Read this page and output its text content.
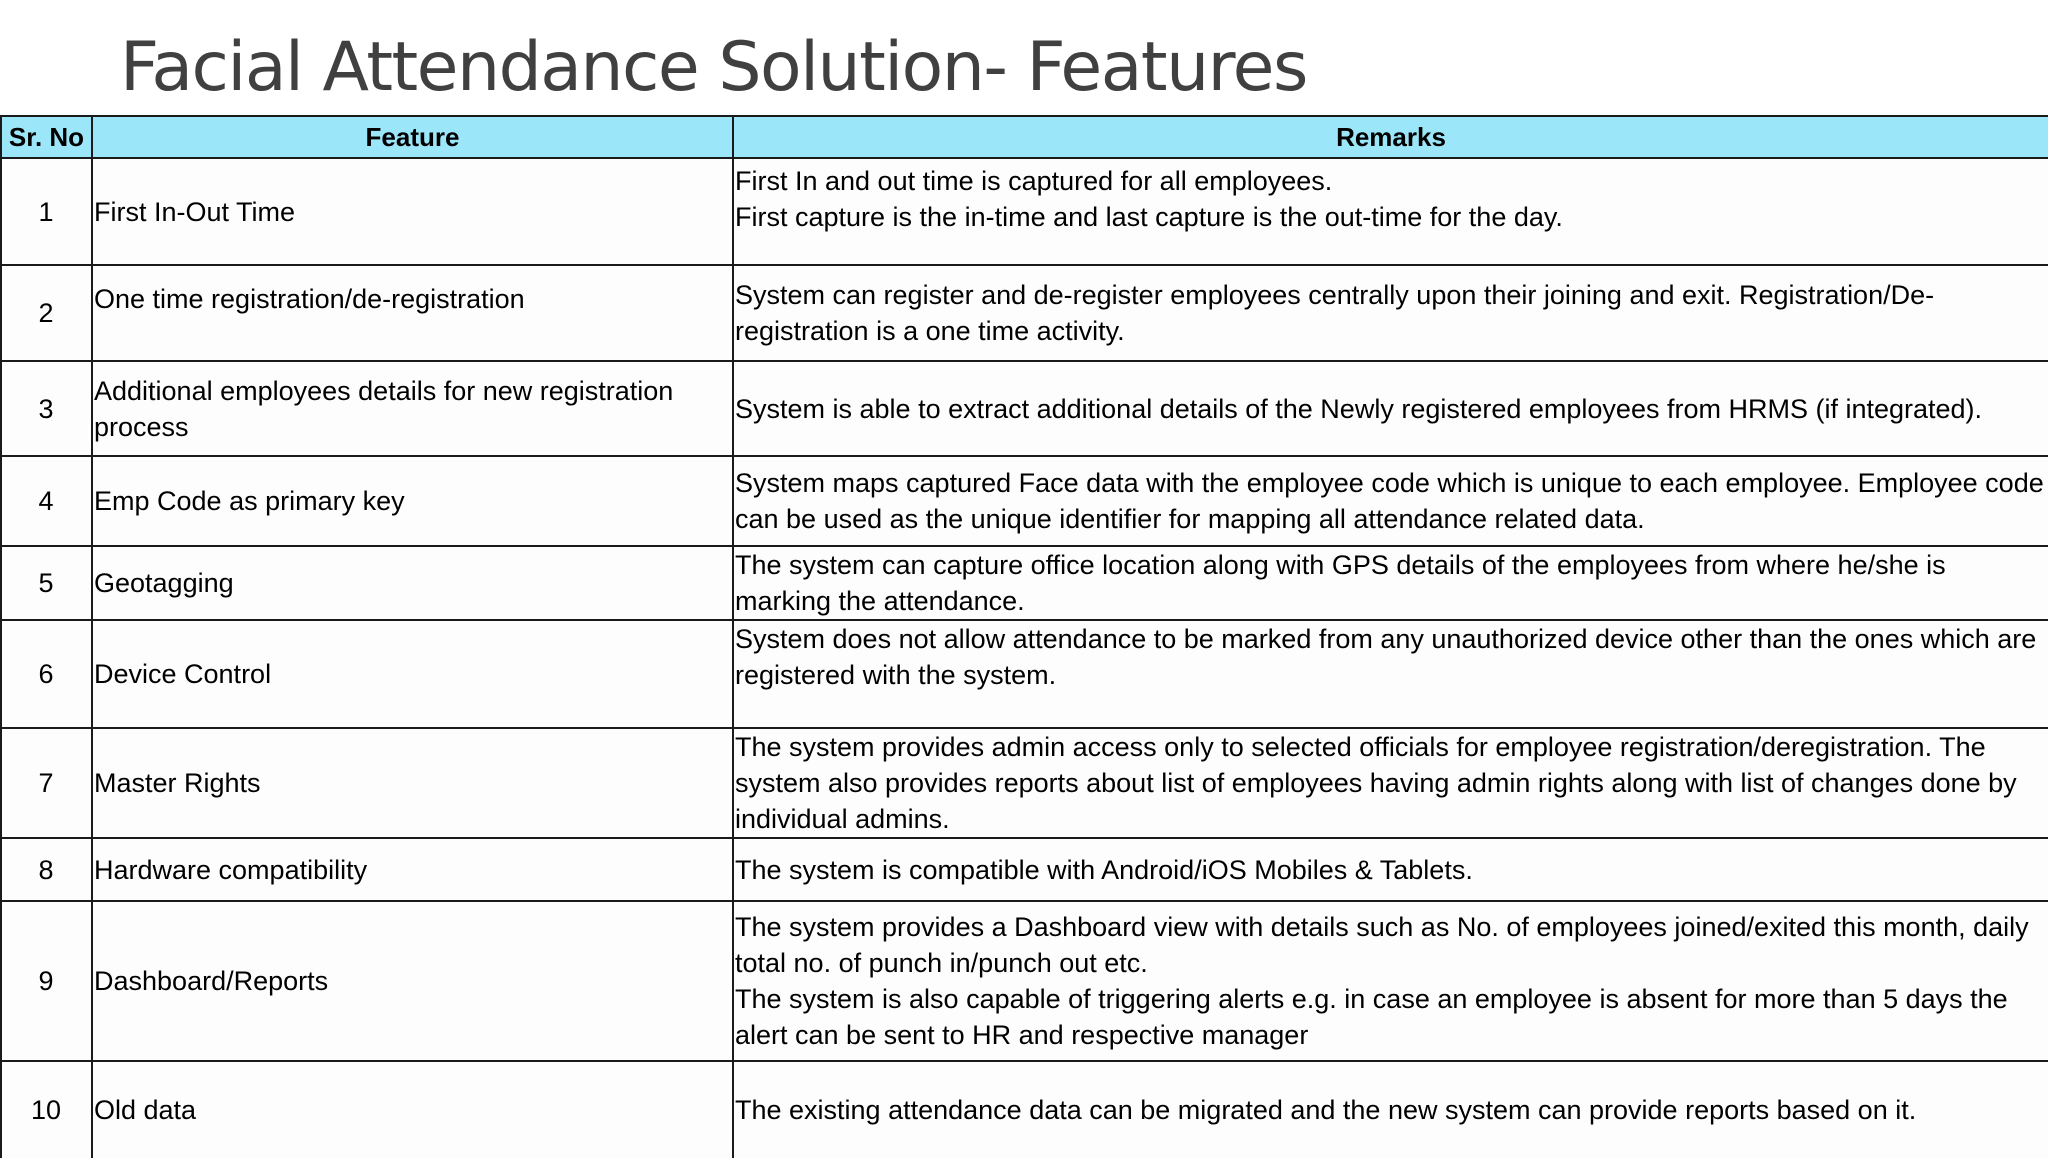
Facial Attendance Solution- Features
Sr. No	Feature	Remarks
1	First In-Out Time	First In and out time is captured for all employees.
First capture is the in-time and last capture is the out-time for the day.
2	One time registration/de-registration	System can register and de-register employees centrally upon their joining and exit. Registration/De-registration is a one time activity.
3	Additional employees details for new registration process	System is able to extract additional details of the Newly registered employees from HRMS (if integrated).
4	Emp Code as primary key	System maps captured Face data with the employee code which is unique to each employee. Employee code can be used as the unique identifier for mapping all attendance related data.
5	Geotagging	The system can capture office location along with GPS details of the employees from where he/she is marking the attendance.
6	Device Control	System does not allow attendance to be marked from any unauthorized device other than the ones which are registered with the system.
7	Master Rights	The system provides admin access only to selected officials for employee registration/deregistration. The system also provides reports about list of employees having admin rights along with list of changes done by individual admins.
8	Hardware compatibility	The system is compatible with Android/iOS Mobiles & Tablets.
9	Dashboard/Reports	The system provides a Dashboard view with details such as No. of employees joined/exited this month, daily total no. of punch in/punch out etc.
The system is also capable of triggering alerts e.g. in case an employee is absent for more than 5 days the alert can be sent to HR and respective manager
10	Old data	The existing attendance data can be migrated and the new system can provide reports based on it.
